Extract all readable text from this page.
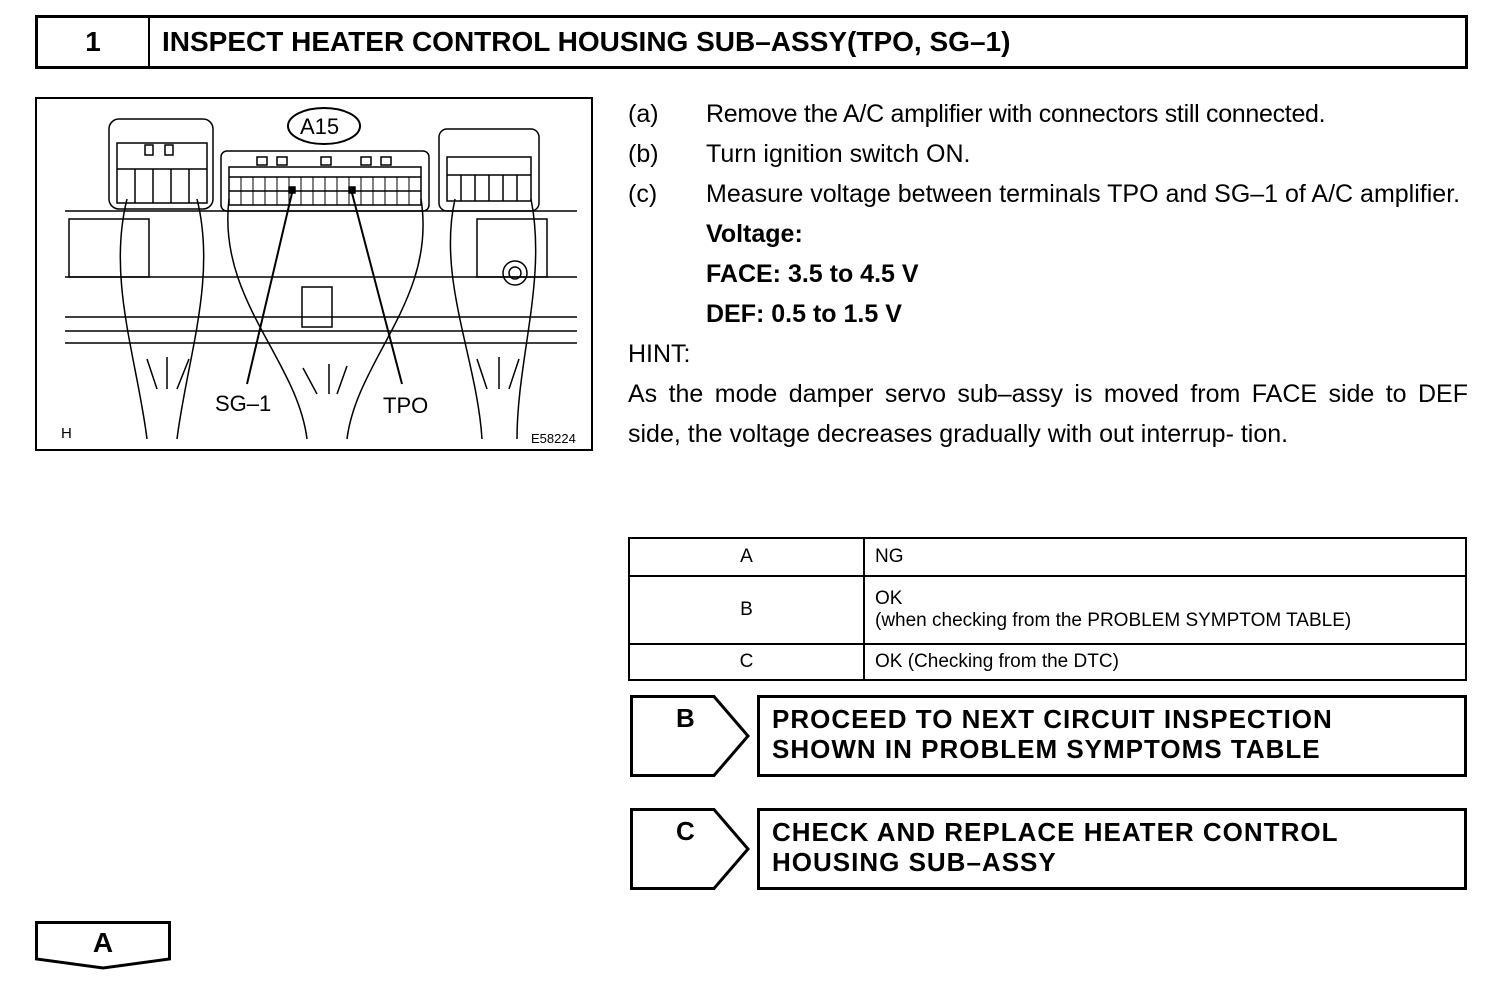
1	INSPECT HEATER CONTROL HOUSING SUB–ASSY(TPO, SG–1)
A15
SG–1	TPO
H	E58224
(a)	Remove the A/C amplifier with connectors still connected.
(b)	Turn ignition switch ON.
(c)	Measure voltage between terminals TPO and SG–1 of A/C amplifier.
Voltage:
FACE: 3.5 to 4.5 V
DEF: 0.5 to 1.5 V
HINT:
As the mode damper servo sub–assy is moved from FACE side to DEF side, the voltage decreases gradually with out interrup- tion.
A	NG
B	OK
(when checking from the PROBLEM SYMPTOM TABLE)

C	OK (Checking from the DTC)
B	PROCEED TO NEXT CIRCUIT INSPECTION
SHOWN IN PROBLEM SYMPTOMS TABLE
C	CHECK AND REPLACE HEATER CONTROL
HOUSING SUB–ASSY
A
